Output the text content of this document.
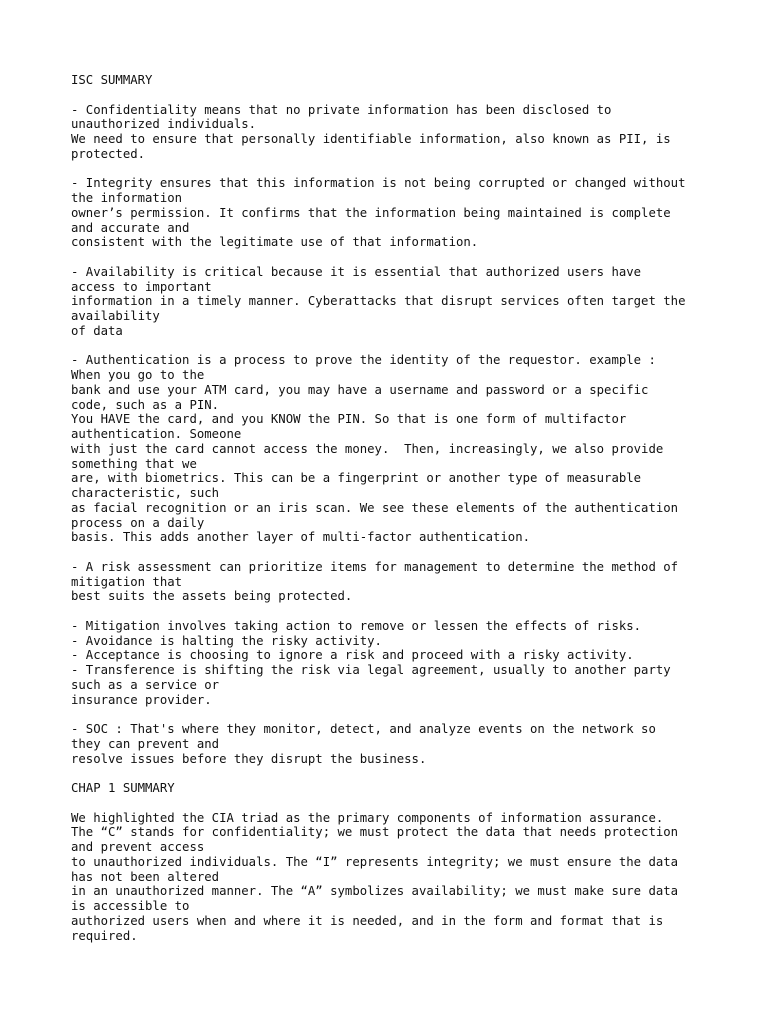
ISC SUMMARY
- Confidentiality means that no private information has been disclosed to
unauthorized individuals.
We need to ensure that personally identifiable information, also known as PII, is
protected.
- Integrity ensures that this information is not being corrupted or changed without
the information
owner’s permission. It confirms that the information being maintained is complete
and accurate and
consistent with the legitimate use of that information.
- Availability is critical because it is essential that authorized users have
access to important
information in a timely manner. Cyberattacks that disrupt services often target the
availability
of data
- Authentication is a process to prove the identity of the requestor. example :
When you go to the
bank and use your ATM card, you may have a username and password or a specific
code, such as a PIN.
You HAVE the card, and you KNOW the PIN. So that is one form of multifactor
authentication. Someone
with just the card cannot access the money.  Then, increasingly, we also provide
something that we
are, with biometrics. This can be a fingerprint or another type of measurable
characteristic, such
as facial recognition or an iris scan. We see these elements of the authentication
process on a daily
basis. This adds another layer of multi-factor authentication.
- A risk assessment can prioritize items for management to determine the method of
mitigation that
best suits the assets being protected.
- Mitigation involves taking action to remove or lessen the effects of risks.
- Avoidance is halting the risky activity.
- Acceptance is choosing to ignore a risk and proceed with a risky activity.
- Transference is shifting the risk via legal agreement, usually to another party
such as a service or
insurance provider.
- SOC : That's where they monitor, detect, and analyze events on the network so
they can prevent and
resolve issues before they disrupt the business.
CHAP 1 SUMMARY
We highlighted the CIA triad as the primary components of information assurance.
The “C” stands for confidentiality; we must protect the data that needs protection
and prevent access
to unauthorized individuals. The “I” represents integrity; we must ensure the data
has not been altered
in an unauthorized manner. The “A” symbolizes availability; we must make sure data
is accessible to
authorized users when and where it is needed, and in the form and format that is
required.
